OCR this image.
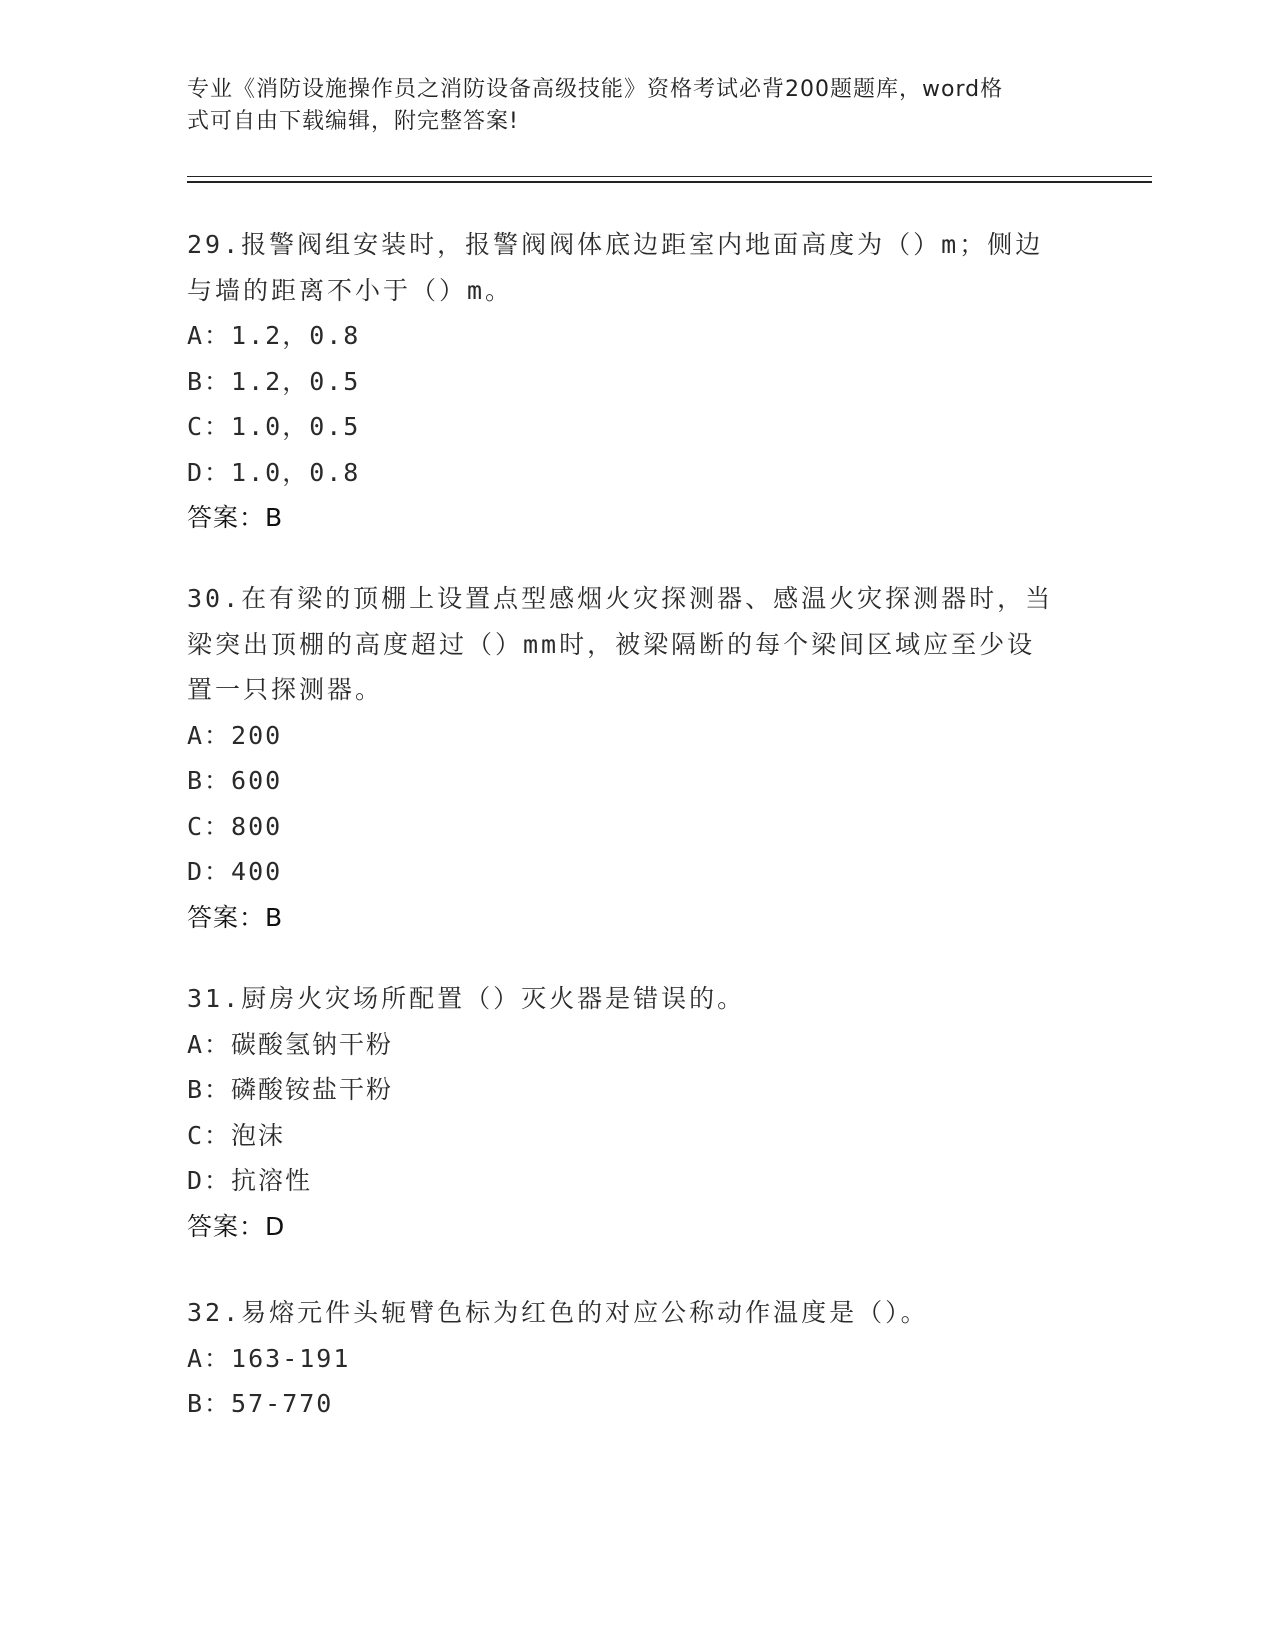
专业《消防设施操作员之消防设备高级技能》资格考试必背200题题库，word格
式可自由下载编辑，附完整答案!

29.报警阀组安装时，报警阀阀体底边距室内地面高度为（）m；侧边

与墙的距离不小于（）m。

A：1.2，0.8

B：1.2，0.5

C：1.0，0.5

D：1.0，0.8

答案：B

30.在有梁的顶棚上设置点型感烟火灾探测器、感温火灾探测器时，当

梁突出顶棚的高度超过（）mm时，被梁隔断的每个梁间区域应至少设

置一只探测器。

A：200

B：600

C：800

D：400

答案：B

31.厨房火灾场所配置（）灭火器是错误的。

A：碳酸氢钠干粉

B：磷酸铵盐干粉

C：泡沫

D：抗溶性

答案：D

32.易熔元件头轭臂色标为红色的对应公称动作温度是（）。

A：163-191

B：57-770
